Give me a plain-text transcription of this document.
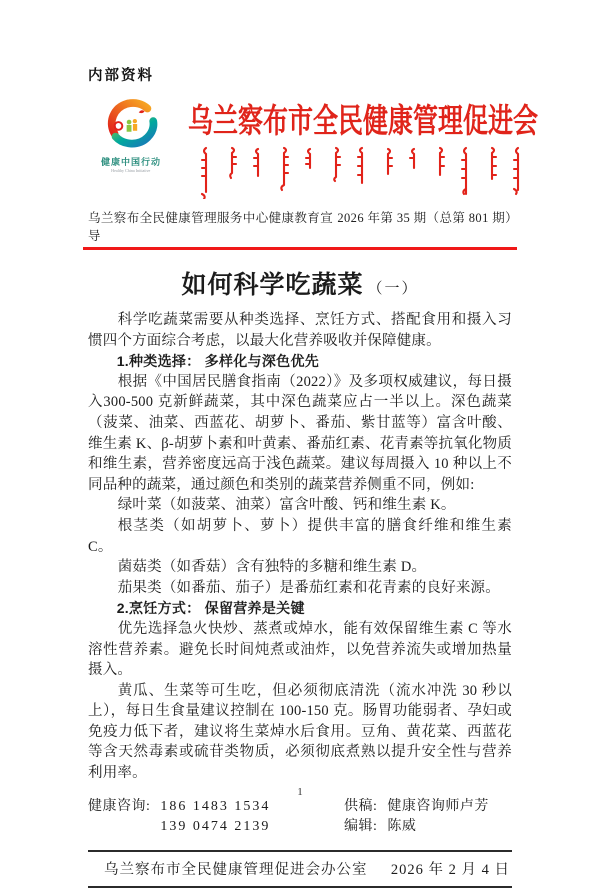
内部资料
健康中国行动
Healthy China Initiative
乌兰察布市全民健康管理促进会
乌兰察布全民健康管理服务中心健康教育宣导
2026 年第 35 期（总第 801 期）
如何科学吃蔬菜 （一）

科学吃蔬菜需要从种类选择、烹饪方式、搭配食用和摄入习惯四个方面综合考虑，以最大化营养吸收并保障健康。

1.种类选择： 多样化与深色优先

根据《中国居民膳食指南（2022）》及多项权威建议，每日摄入300-500 克新鲜蔬菜，其中深色蔬菜应占一半以上。深色蔬菜（菠菜、油菜、西蓝花、胡萝卜、番茄、紫甘蓝等）富含叶酸、维生素 K、β-胡萝卜素和叶黄素、番茄红素、花青素等抗氧化物质和维生素，营养密度远高于浅色蔬菜。建议每周摄入 10 种以上不同品种的蔬菜，通过颜色和类别的蔬菜营养侧重不同，例如:

绿叶菜（如菠菜、油菜）富含叶酸、钙和维生素 K。

根茎类（如胡萝卜、萝卜）提供丰富的膳食纤维和维生素 C。

菌菇类（如香菇）含有独特的多糖和维生素 D。

茄果类（如番茄、茄子）是番茄红素和花青素的良好来源。

2.烹饪方式： 保留营养是关键

优先选择急火快炒、蒸煮或焯水，能有效保留维生素 C 等水溶性营养素。避免长时间炖煮或油炸，以免营养流失或增加热量摄入。

黄瓜、生菜等可生吃，但必须彻底清洗（流水冲洗 30 秒以上），每日生食量建议控制在 100-150 克。肠胃功能弱者、孕妇或免疫力低下者，建议将生菜焯水后食用。豆角、黄花菜、西蓝花等含天然毒素或硫苷类物质，必须彻底煮熟以提升安全性与营养利用率。

健康咨询: 186 1483 1534
139 0474 2139
供稿: 健康咨询师卢芳
编辑: 陈威
乌兰察布市全民健康管理促进会办公室 2026 年 2 月 4 日
1
